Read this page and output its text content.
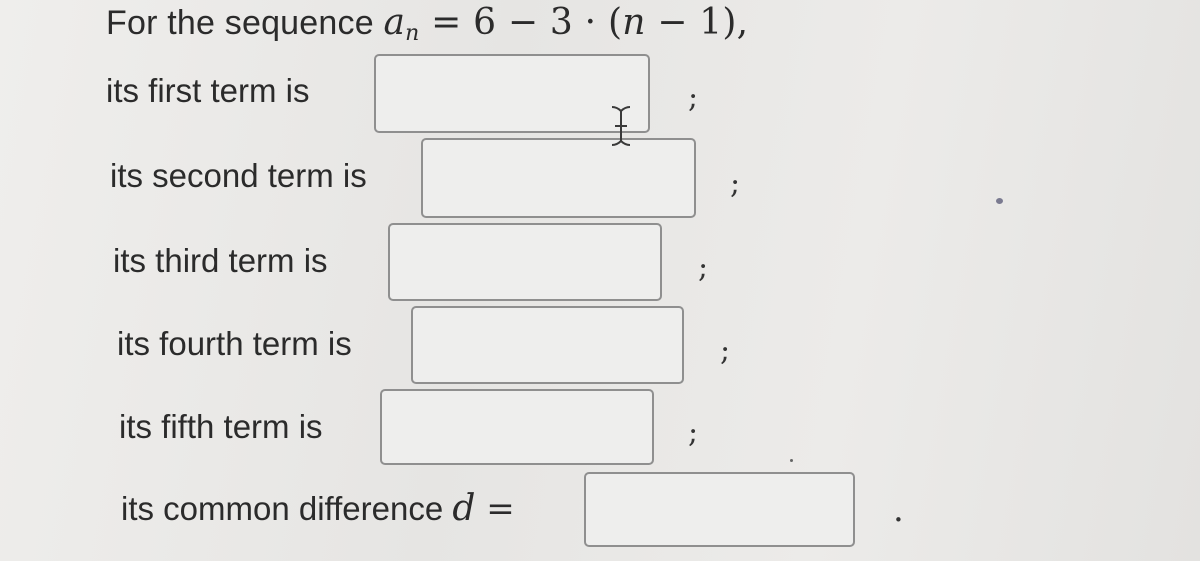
For the sequence an = 6 − 3 · (n − 1),
its first term is	;
its second term is	;
its third term is	;
its fourth term is	;
its fifth term is	;
its common difference d =	.
